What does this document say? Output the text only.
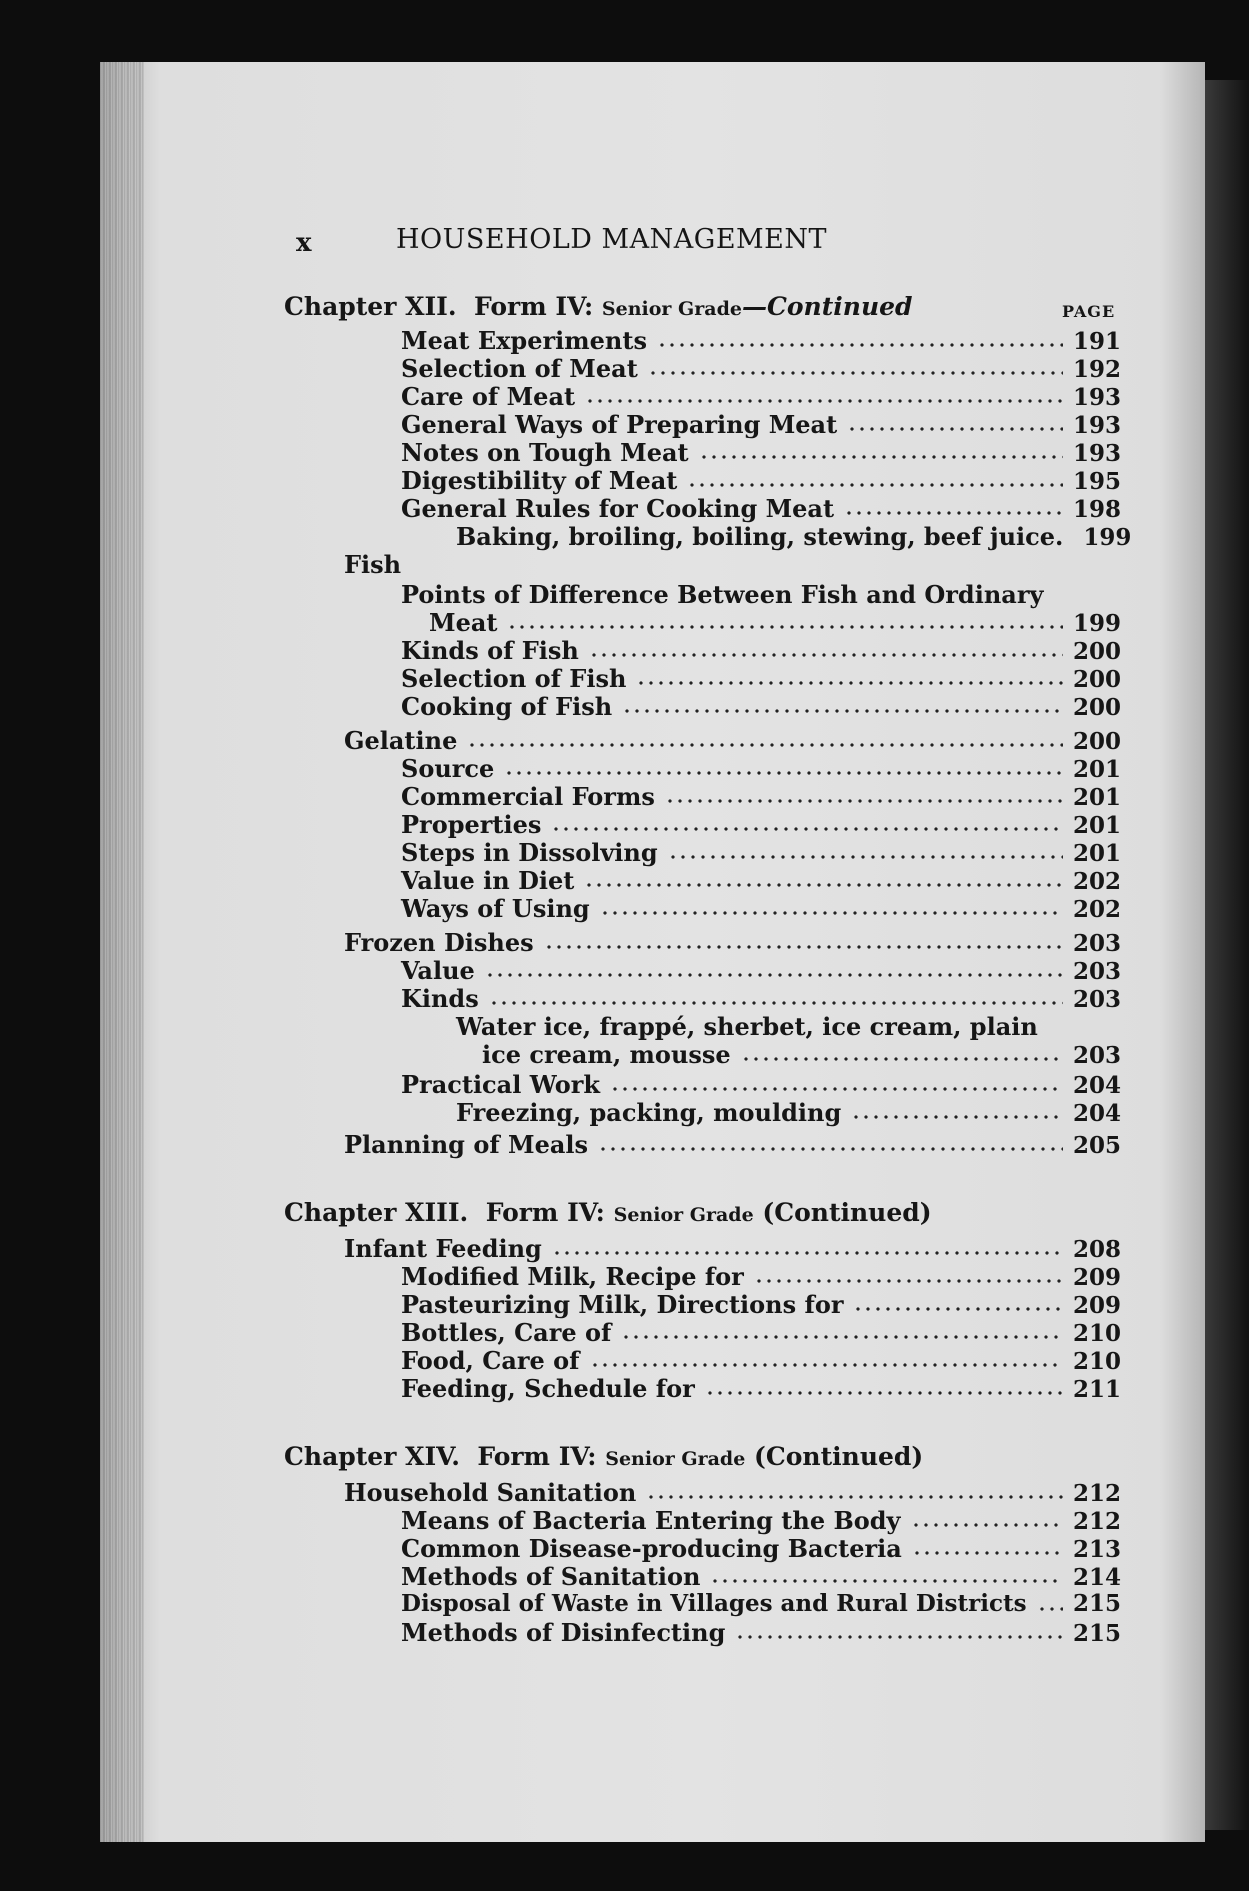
x	HOUSEHOLD MANAGEMENT
Chapter XII. Form IV: Senior Grade—Continued	PAGE
Meat Experiments	191
Selection of Meat	192
Care of Meat	193
General Ways of Preparing Meat	193
Notes on Tough Meat	193
Digestibility of Meat	195
General Rules for Cooking Meat	198
Baking, broiling, boiling, stewing, beef juice. 199
Fish
Points of Difference Between Fish and Ordinary
Meat	199
Kinds of Fish	200
Selection of Fish	200
Cooking of Fish	200
Gelatine	200
Source	201
Commercial Forms	201
Properties	201
Steps in Dissolving	201
Value in Diet	202
Ways of Using	202
Frozen Dishes	203
Value	203
Kinds	203
Water ice, frappé, sherbet, ice cream, plain
ice cream, mousse	203
Practical Work	204
Freezing, packing, moulding	204
Planning of Meals	205
Chapter XIII. Form IV: Senior Grade (Continued)
Infant Feeding	208
Modified Milk, Recipe for	209
Pasteurizing Milk, Directions for	209
Bottles, Care of	210
Food, Care of	210
Feeding, Schedule for	211
Chapter XIV. Form IV: Senior Grade (Continued)
Household Sanitation	212
Means of Bacteria Entering the Body	212
Common Disease-producing Bacteria	213
Methods of Sanitation	214
Disposal of Waste in Villages and Rural Districts 215
Methods of Disinfecting	215
